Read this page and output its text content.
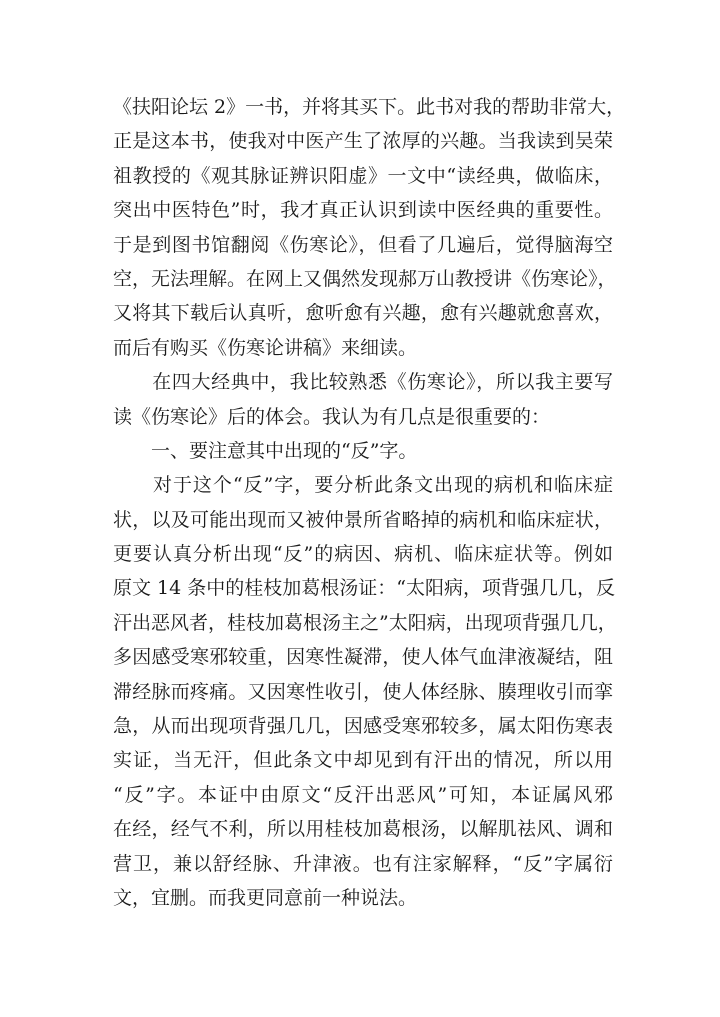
《扶阳论坛 2》一书，并将其买下。此书对我的帮助非常大，
正是这本书，使我对中医产生了浓厚的兴趣。当我读到吴荣
祖教授的《观其脉证辨识阳虚》一文中“读经典，做临床，
突出中医特色”时，我才真正认识到读中医经典的重要性。
于是到图书馆翻阅《伤寒论》，但看了几遍后，觉得脑海空
空，无法理解。在网上又偶然发现郝万山教授讲《伤寒论》，
又将其下载后认真听，愈听愈有兴趣，愈有兴趣就愈喜欢，
而后有购买《伤寒论讲稿》来细读。
　　在四大经典中，我比较熟悉《伤寒论》，所以我主要写
读《伤寒论》后的体会。我认为有几点是很重要的：
　　一、要注意其中出现的“反”字。
　　对于这个“反”字，要分析此条文出现的病机和临床症
状，以及可能出现而又被仲景所省略掉的病机和临床症状，
更要认真分析出现“反”的病因、病机、临床症状等。例如
原文 14 条中的桂枝加葛根汤证：“太阳病，项背强几几，反
汗出恶风者，桂枝加葛根汤主之”太阳病，出现项背强几几，
多因感受寒邪较重，因寒性凝滞，使人体气血津液凝结，阻
滞经脉而疼痛。又因寒性收引，使人体经脉、腠理收引而挛
急，从而出现项背强几几，因感受寒邪较多，属太阳伤寒表
实证，当无汗，但此条文中却见到有汗出的情况，所以用
“反”字。本证中由原文“反汗出恶风”可知，本证属风邪
在经，经气不利，所以用桂枝加葛根汤，以解肌祛风、调和
营卫，兼以舒经脉、升津液。也有注家解释，“反”字属衍
文，宜删。而我更同意前一种说法。
